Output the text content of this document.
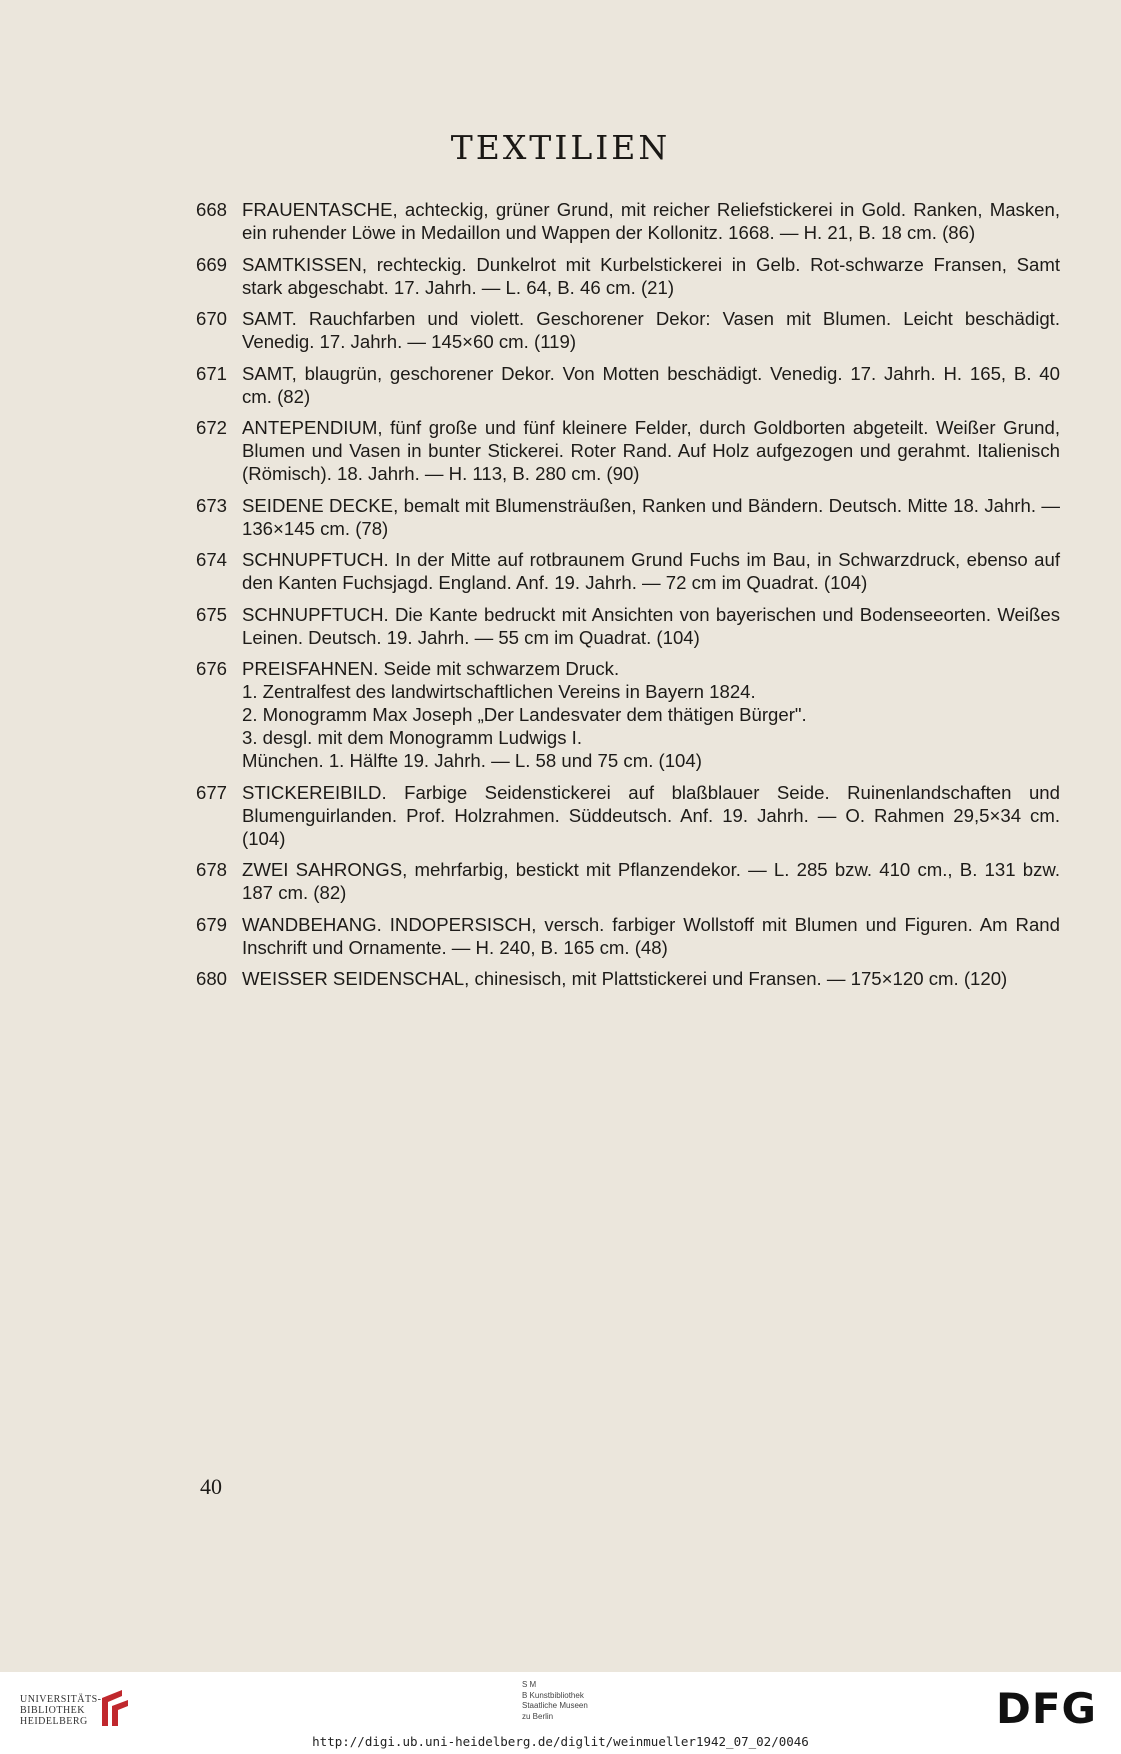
TEXTILIEN
668 FRAUENTASCHE, achteckig, grüner Grund, mit reicher Reliefstickerei in Gold. Ranken, Masken, ein ruhender Löwe in Medaillon und Wappen der Kollonitz. 1668. — H. 21, B. 18 cm. (86)
669 SAMTKISSEN, rechteckig. Dunkelrot mit Kurbelstickerei in Gelb. Rot-schwarze Fransen, Samt stark abgeschabt. 17. Jahrh. — L. 64, B. 46 cm. (21)
670 SAMT. Rauchfarben und violett. Geschorener Dekor: Vasen mit Blumen. Leicht beschädigt. Venedig. 17. Jahrh. — 145×60 cm. (119)
671 SAMT, blaugrün, geschorener Dekor. Von Motten beschädigt. Venedig. 17. Jahrh. H. 165, B. 40 cm. (82)
672 ANTEPENDIUM, fünf große und fünf kleinere Felder, durch Goldborten abgeteilt. Weißer Grund, Blumen und Vasen in bunter Stickerei. Roter Rand. Auf Holz aufgezogen und gerahmt. Italienisch (Römisch). 18. Jahrh. — H. 113, B. 280 cm. (90)
673 SEIDENE DECKE, bemalt mit Blumensträußen, Ranken und Bändern. Deutsch. Mitte 18. Jahrh. — 136×145 cm. (78)
674 SCHNUPFTUCH. In der Mitte auf rotbraunem Grund Fuchs im Bau, in Schwarzdruck, ebenso auf den Kanten Fuchsjagd. England. Anf. 19. Jahrh. — 72 cm im Quadrat. (104)
675 SCHNUPFTUCH. Die Kante bedruckt mit Ansichten von bayerischen und Bodenseeorten. Weißes Leinen. Deutsch. 19. Jahrh. — 55 cm im Quadrat. (104)
676 PREISFAHNEN. Seide mit schwarzem Druck.
1. Zentralfest des landwirtschaftlichen Vereins in Bayern 1824.
2. Monogramm Max Joseph „Der Landesvater dem thätigen Bürger".
3. desgl. mit dem Monogramm Ludwigs I.
München. 1. Hälfte 19. Jahrh. — L. 58 und 75 cm. (104)
677 STICKEREIBILD. Farbige Seidenstickerei auf blaßblauer Seide. Ruinenlandschaften und Blumenguirlanden. Prof. Holzrahmen. Süddeutsch. Anf. 19. Jahrh. — O. Rahmen 29,5×34 cm. (104)
678 ZWEI SAHRONGS, mehrfarbig, bestickt mit Pflanzendekor. — L. 285 bzw. 410 cm., B. 131 bzw. 187 cm. (82)
679 WANDBEHANG. INDOPERSISCH, versch. farbiger Wollstoff mit Blumen und Figuren. Am Rand Inschrift und Ornamente. — H. 240, B. 165 cm. (48)
680 WEISSER SEIDENSCHAL, chinesisch, mit Plattstickerei und Fransen. — 175×120 cm. (120)
40
UNIVERSITÄTS-
BIBLIOTHEK
HEIDELBERG
S M
B Kunstbibliothek
Staatliche Museen
zu Berlin	DFG
http://digi.ub.uni-heidelberg.de/diglit/weinmueller1942_07_02/0046
